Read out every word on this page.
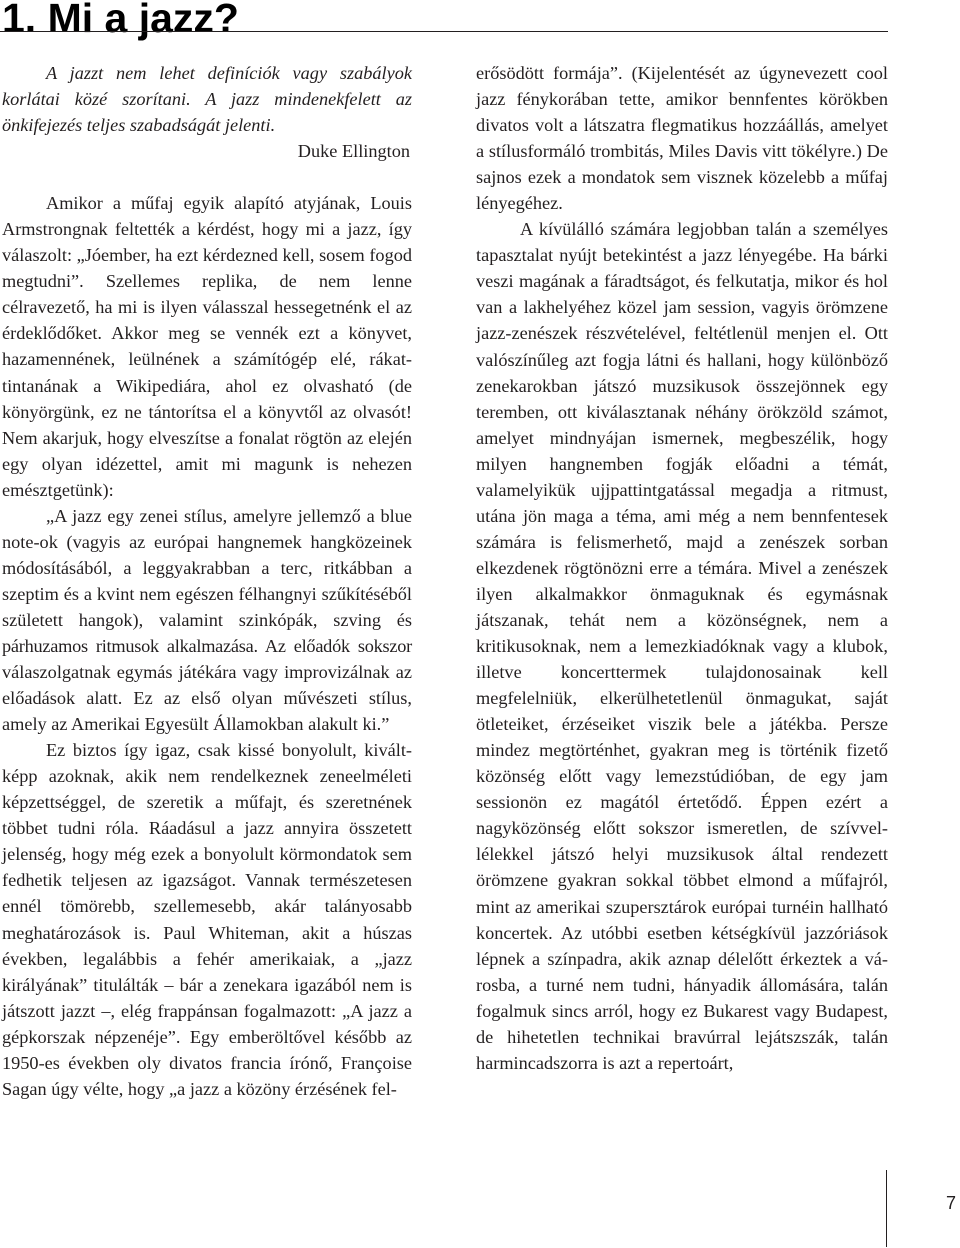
1. Mi a jazz?

A jazzt nem lehet definíciók vagy szabályok korlátai közé szorítani. A jazz mindenekfelett az önkifejezés teljes szabadságát jelenti.

Duke Ellington

Amikor a műfaj egyik alapító atyjának, Louis Armstrongnak feltették a kérdést, hogy mi a jazz, így válaszolt: „Jóember, ha ezt kérdezned kell, sosem fogod megtudni”. Szellemes replika, de nem lenne célravezető, ha mi is ilyen válasszal hessegetnénk el az érdeklődőket. Akkor meg se vennék ezt a könyvet, hazamennének, leülnének a számítógép elé, rákattintanának a Wikipediára, ahol ez olvasható (de könyörgünk, ez ne tántorítsa el a könyvtől az olvasót! Nem akarjuk, hogy elveszítse a fonalat rögtön az elején egy olyan idézettel, amit mi magunk is nehezen emésztgetünk):

„A jazz egy zenei stílus, amelyre jellemző a blue note-ok (vagyis az európai hangnemek hangközeinek módosításából, a leggyakrabban a terc, ritkábban a szeptim és a kvint nem egészen félhangnyi szűkítéséből született hangok), valamint szinkópák, szving és párhuzamos ritmusok alkalmazása. Az előadók sokszor válaszolgatnak egymás játékára vagy improvizálnak az előadások alatt. Ez az első olyan művészeti stílus, amely az Amerikai Egyesült Államokban alakult ki.”

Ez biztos így igaz, csak kissé bonyolult, kiváltképp azoknak, akik nem rendelkeznek zeneelméleti képzettséggel, de szeretik a műfajt, és szeretnének többet tudni róla. Ráadásul a jazz annyira összetett jelenség, hogy még ezek a bonyolult körmondatok sem fedhetik teljesen az igazságot. Vannak természetesen ennél tömörebb, szellemesebb, akár talányosabb meghatározások is. Paul Whiteman, akit a húszas években, legalábbis a fehér amerikaiak, a „jazz királyának” titulálták – bár a zenekara igazából nem is játszott jazzt –, elég frappánsan fogalmazott: „A jazz a gépkorszak népzenéje”. Egy emberöltővel később az 1950-es években oly divatos francia írónő, Françoise Sagan úgy vélte, hogy „a jazz a közöny érzésének fel-

erősödött formája”. (Kijelentését az úgynevezett cool jazz fénykorában tette, amikor bennfentes körökben divatos volt a látszatra flegmatikus hozzáállás, amelyet a stílusformáló trombitás, Miles Davis vitt tökélyre.) De sajnos ezek a mondatok sem visznek közelebb a műfaj lényegéhez.

A kívülálló számára legjobban talán a személyes tapasztalat nyújt betekintést a jazz lényegébe. Ha bárki veszi magának a fáradtságot, és felkutatja, mikor és hol van a lakhelyéhez közel jam session, vagyis örömzene jazz-zenészek részvételével, feltétlenül menjen el. Ott valószínűleg azt fogja látni és hallani, hogy különböző zenekarokban játszó muzsikusok összejönnek egy teremben, ott kiválasztanak néhány örökzöld számot, amelyet mindnyájan ismernek, megbeszélik, hogy milyen hangnemben fogják előadni a témát, valamelyikük ujjpattintgatással megadja a ritmust, utána jön maga a téma, ami még a nem bennfentesek számára is felismerhető, majd a zenészek sorban elkezdenek rögtönözni erre a témára. Mivel a zenészek ilyen alkalmakkor önmaguknak és egymásnak játszanak, tehát nem a közönségnek, nem a kritikusoknak, nem a lemezkiadóknak vagy a klubok, illetve koncerttermek tulajdonosainak kell megfelelniük, elkerülhetetlenül önmagukat, saját ötleteiket, érzéseiket viszik bele a játékba. Persze mindez megtörténhet, gyakran meg is történik fizető közönség előtt vagy lemezstúdióban, de egy jam sessionön ez magától értetődő. Éppen ezért a nagyközönség előtt sokszor ismeretlen, de szívvel-lélekkel játszó helyi muzsikusok által rendezett örömzene gyakran sokkal többet elmond a műfajról, mint az amerikai szupersztárok európai turnéin hallható koncertek. Az utóbbi esetben kétségkívül jazzóriások lépnek a színpadra, akik aznap délelőtt érkeztek a városba, a turné nem tudni, hányadik állomására, talán fogalmuk sincs arról, hogy ez Bukarest vagy Budapest, de hihetetlen technikai bravúrral lejátszszák, talán harmincadszorra is azt a repertoárt,

7
